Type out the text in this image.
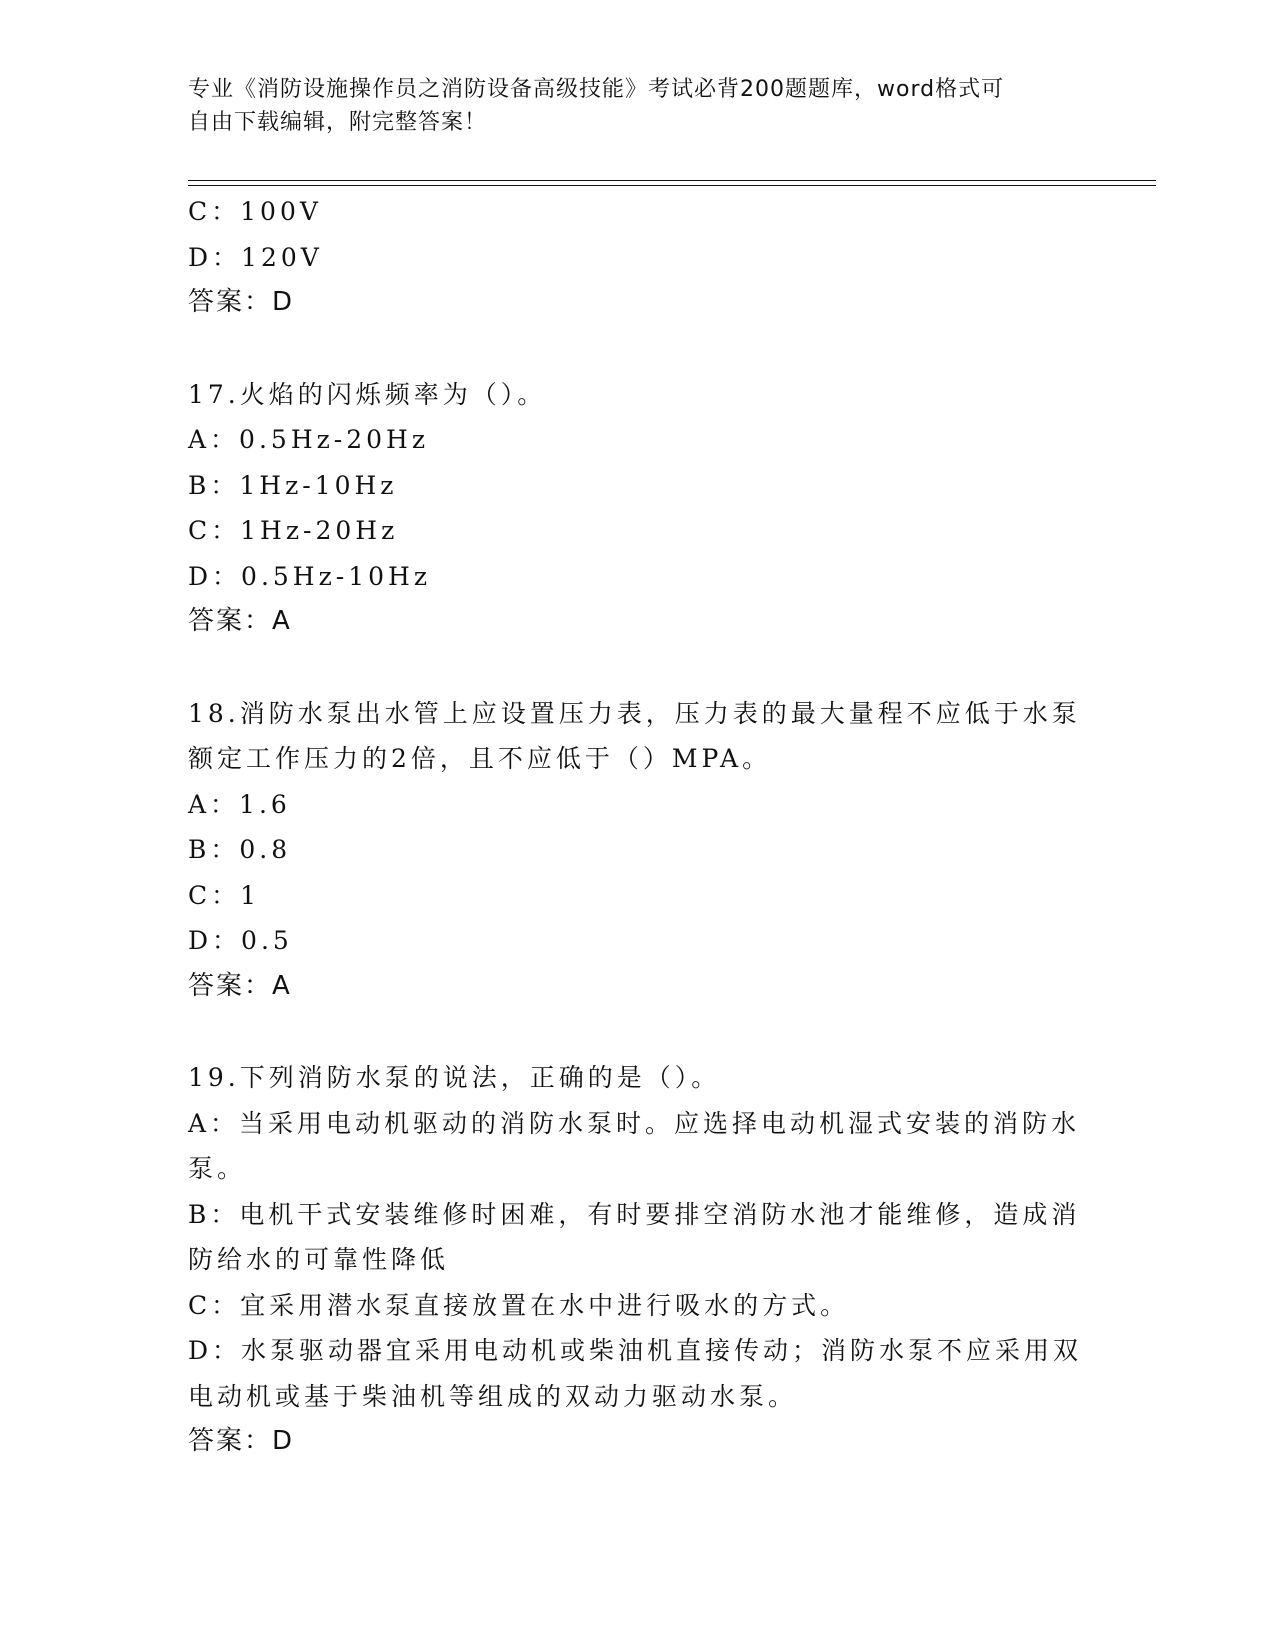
专业《消防设施操作员之消防设备高级技能》考试必背200题题库，word格式可
自由下载编辑，附完整答案！
C：100V
D：120V
答案：D
17.火焰的闪烁频率为（）。
A：0.5Hz-20Hz
B：1Hz-10Hz
C：1Hz-20Hz
D：0.5Hz-10Hz
答案：A
18.消防水泵出水管上应设置压力表，压力表的最大量程不应低于水泵
额定工作压力的2倍，且不应低于（）MPA。
A：1.6
B：0.8
C：1
D：0.5
答案：A
19.下列消防水泵的说法，正确的是（）。
A：当采用电动机驱动的消防水泵时。应选择电动机湿式安装的消防水
泵。
B：电机干式安装维修时困难，有时要排空消防水池才能维修，造成消
防给水的可靠性降低
C：宜采用潜水泵直接放置在水中进行吸水的方式。
D：水泵驱动器宜采用电动机或柴油机直接传动；消防水泵不应采用双
电动机或基于柴油机等组成的双动力驱动水泵。
答案：D
